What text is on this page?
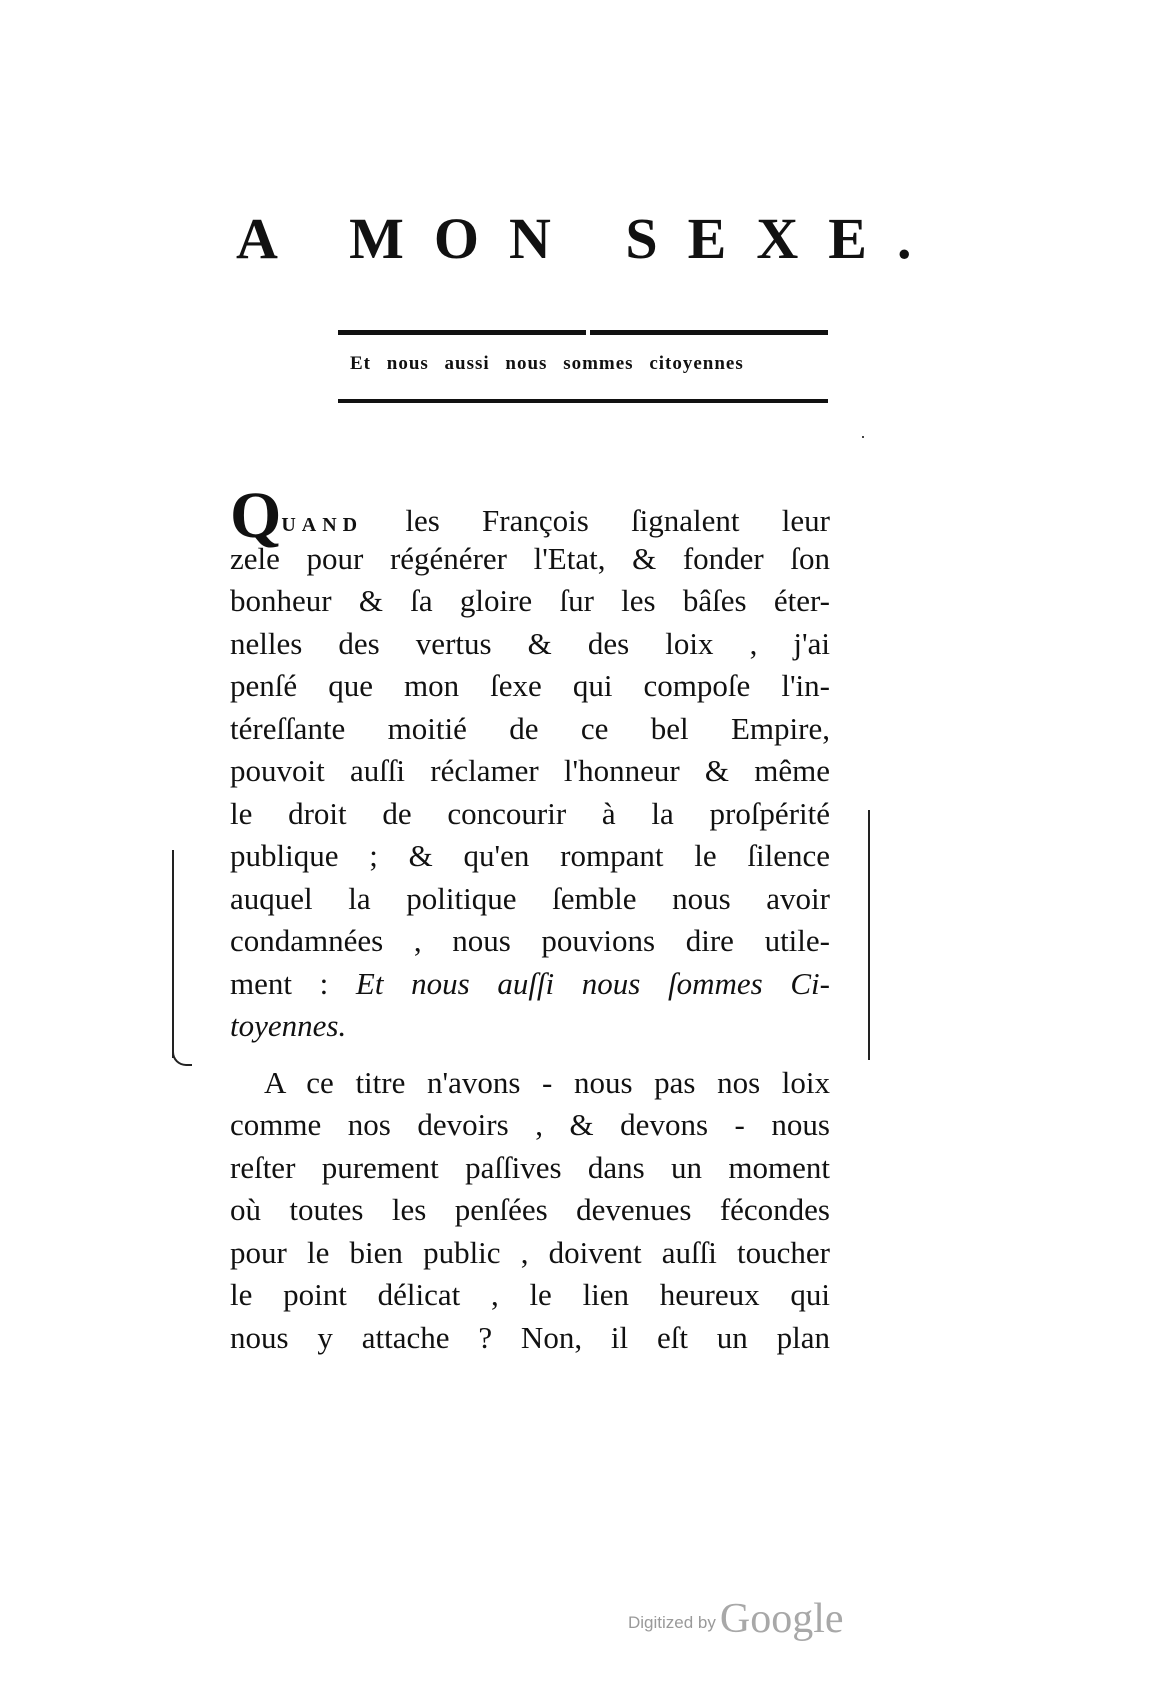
A MON SEXE.
Et nous aussi nous sommes citoyennes
QUAND les François ſignalent leur
zele pour régénérer l'Etat, & fonder ſon
bonheur & ſa gloire ſur les bâſes éter-
nelles des vertus & des loix , j'ai
penſé que mon ſexe qui compoſe l'in-
téreſſante moitié de ce bel Empire,
pouvoit auſſi réclamer l'honneur & même
le droit de concourir à la proſpérité
publique ; & qu'en rompant le ſilence
auquel la politique ſemble nous avoir
condamnées , nous pouvions dire utile-
ment : Et nous auſſi nous ſommes Ci-
toyennes.
A ce titre n'avons - nous pas nos loix
comme nos devoirs , & devons - nous
reſter purement paſſives dans un moment
où toutes les penſées devenues fécondes
pour le bien public , doivent auſſi toucher
le point délicat , le lien heureux qui
nous y attache ? Non, il eſt un plan
Digitized byGoogle
